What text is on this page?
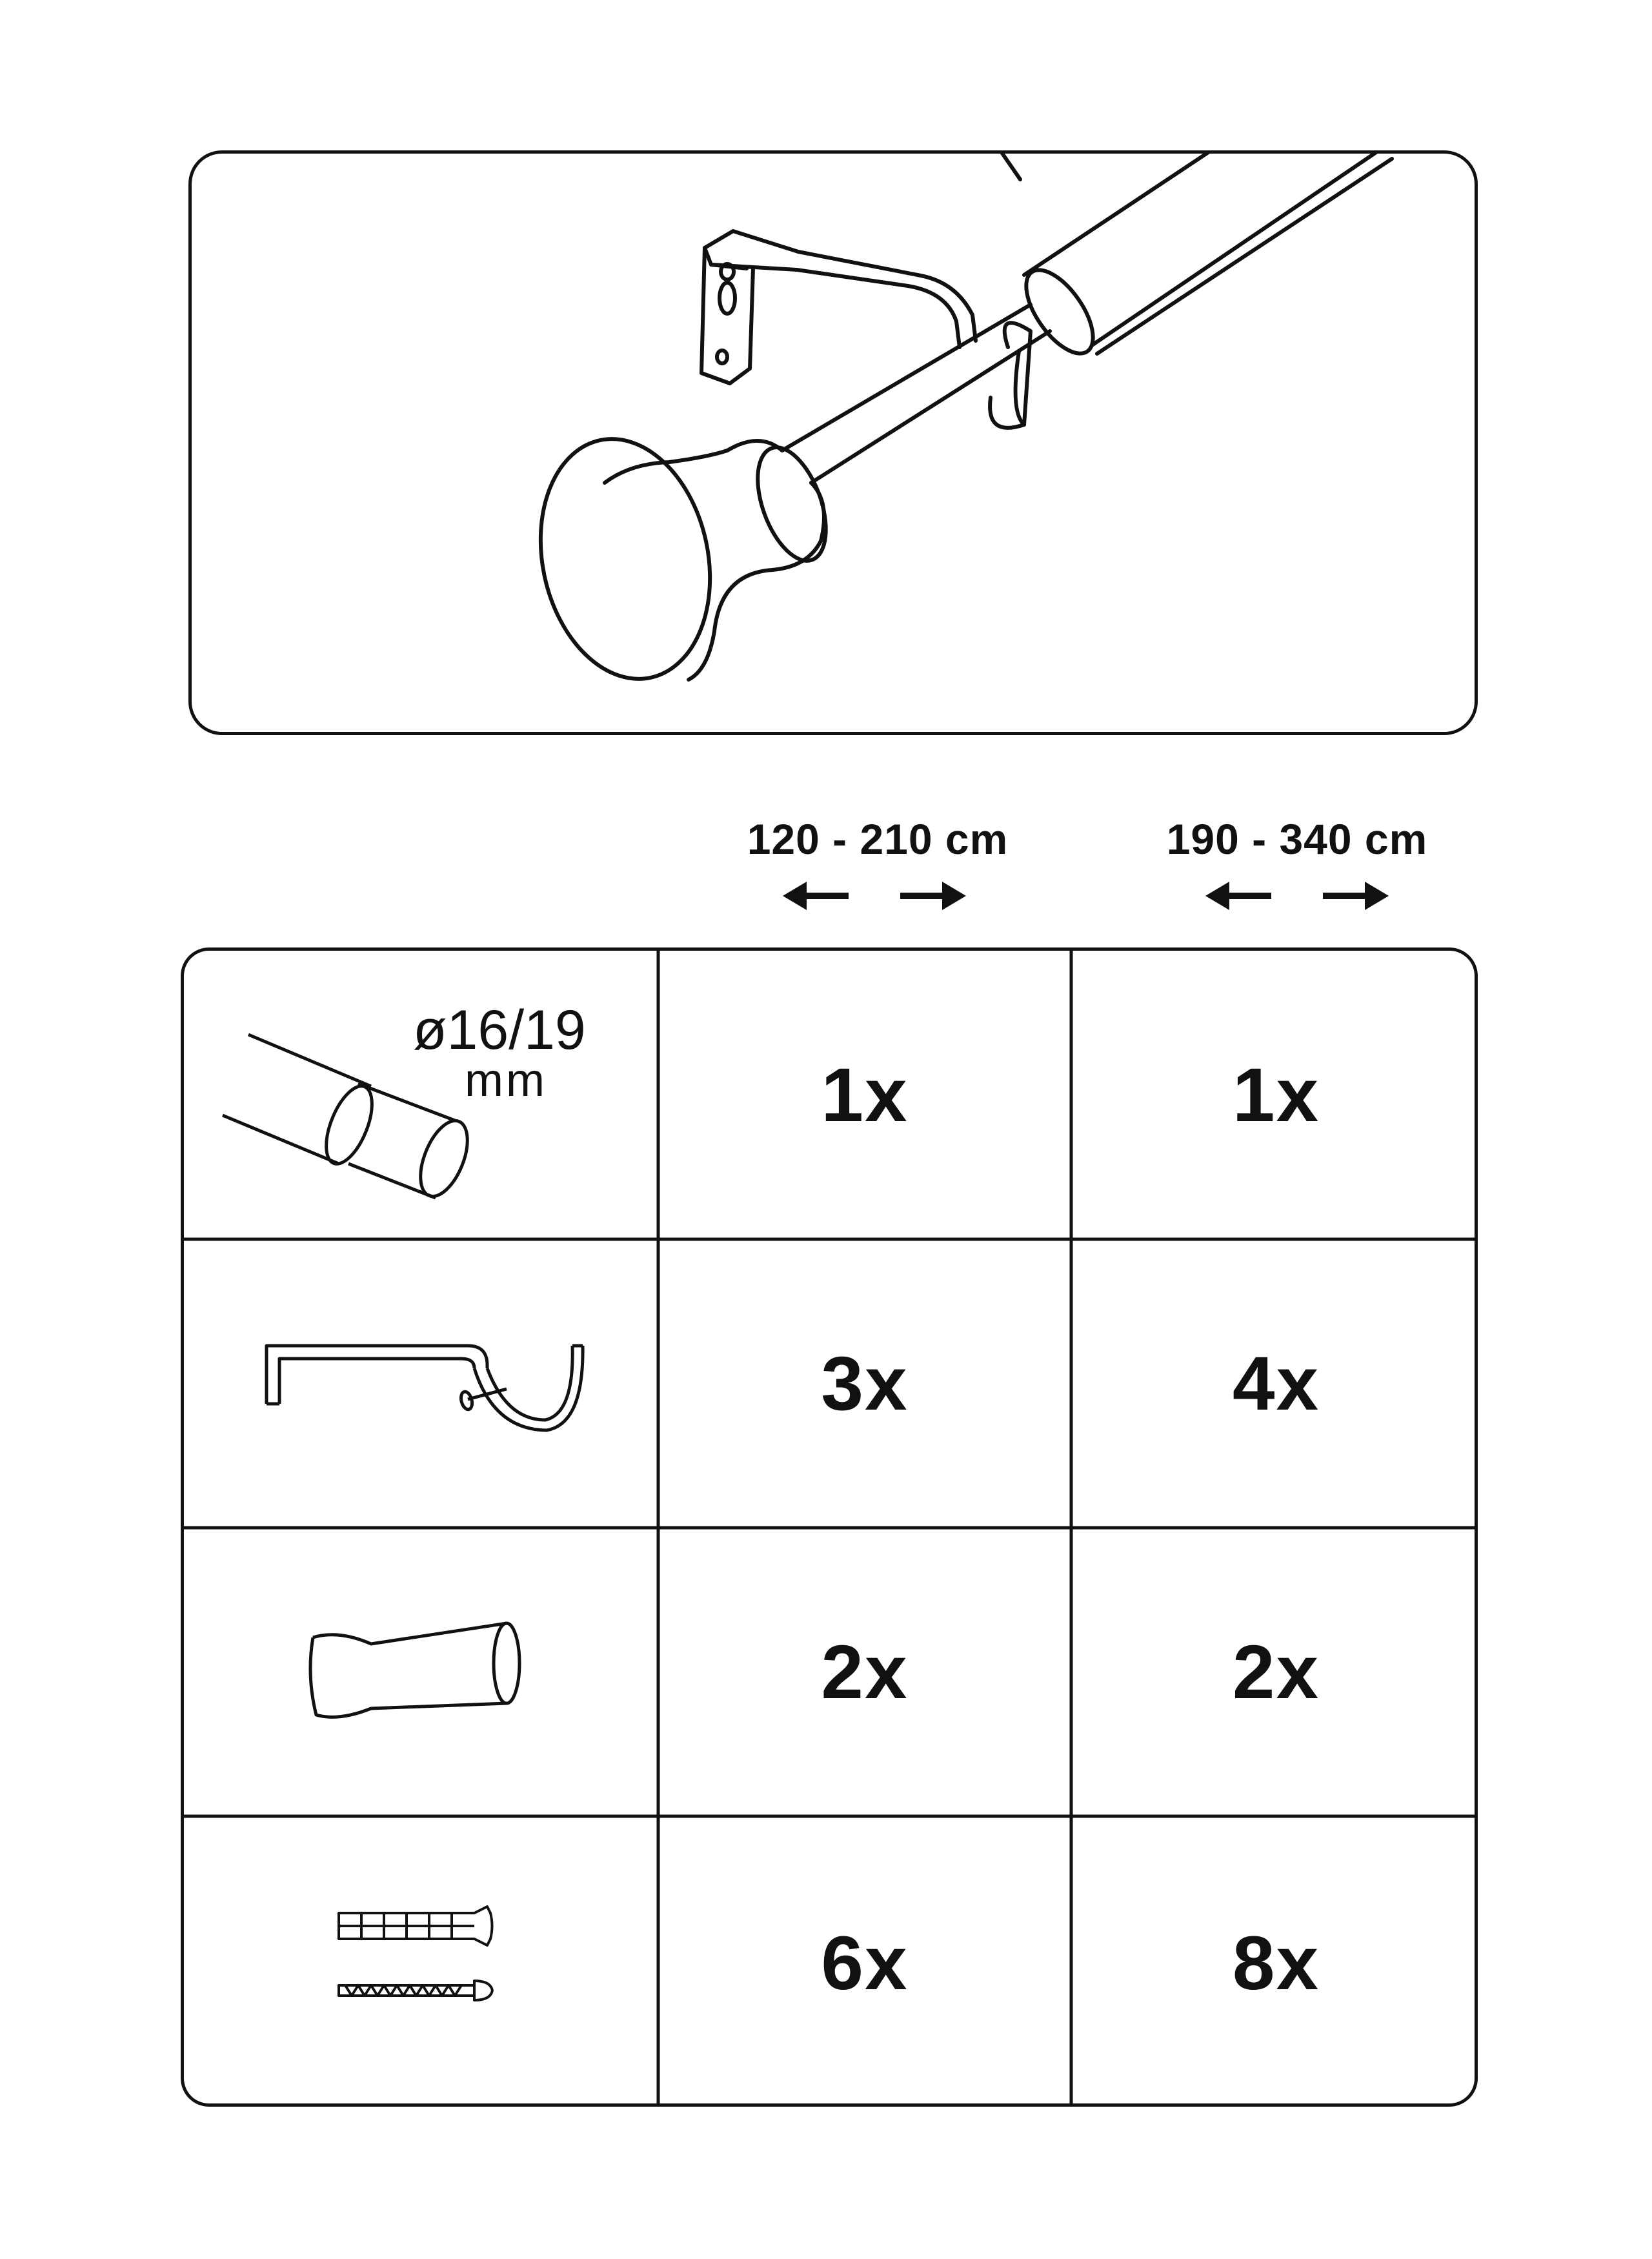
120 - 210 cm	190 - 340 cm
ø16/19
mm	1x	1x
3x	4x
2x	2x
6x	8x
